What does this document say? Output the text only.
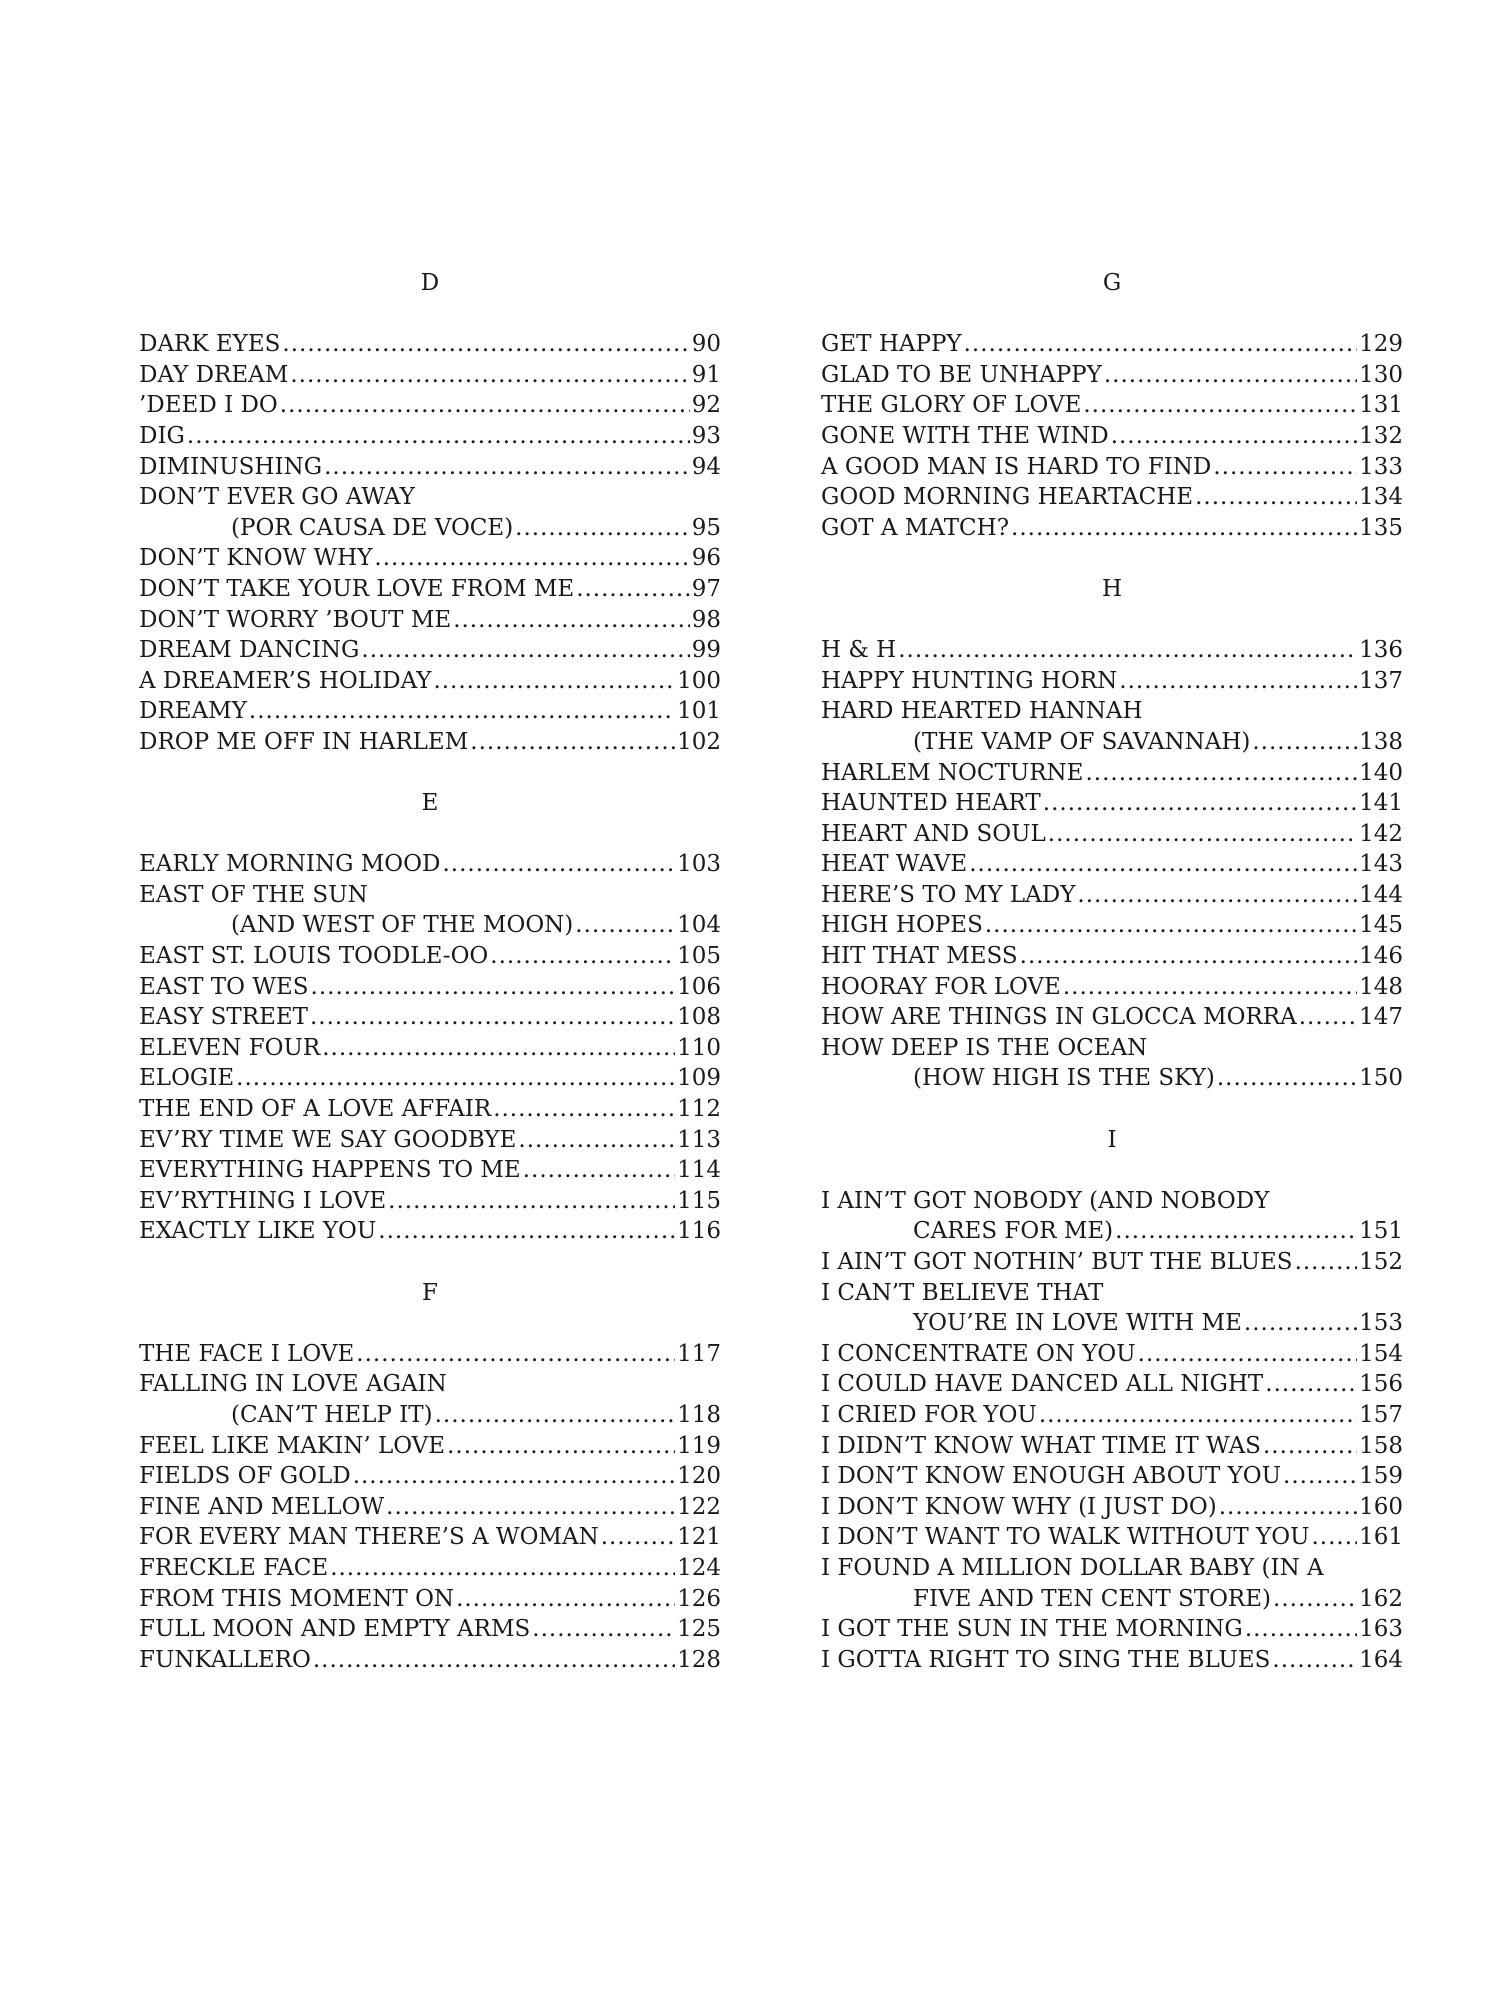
D
DARK EYES .....	90
DAY DREAM .....	91
’DEED I DO .....	92
DIG .....	93
DIMINUSHING .....	94
DON’T EVER GO AWAY
(POR CAUSA DE VOCE) .....	95
DON’T KNOW WHY .....	96
DON’T TAKE YOUR LOVE FROM ME .....	97
DON’T WORRY ’BOUT ME .....	98
DREAM DANCING .....	99
A DREAMER’S HOLIDAY .....	100
DREAMY .....	101
DROP ME OFF IN HARLEM .....	102
E
EARLY MORNING MOOD .....	103
EAST OF THE SUN
(AND WEST OF THE MOON) .....	104
EAST ST. LOUIS TOODLE-OO .....	105
EAST TO WES .....	106
EASY STREET .....	108
ELEVEN FOUR .....	110
ELOGIE .....	109
THE END OF A LOVE AFFAIR .....	112
EV’RY TIME WE SAY GOODBYE .....	113
EVERYTHING HAPPENS TO ME .....	114
EV’RYTHING I LOVE .....	115
EXACTLY LIKE YOU .....	116
F
THE FACE I LOVE .....	117
FALLING IN LOVE AGAIN
(CAN’T HELP IT) .....	118
FEEL LIKE MAKIN’ LOVE .....	119
FIELDS OF GOLD .....	120
FINE AND MELLOW .....	122
FOR EVERY MAN THERE’S A WOMAN .....	121
FRECKLE FACE .....	124
FROM THIS MOMENT ON .....	126
FULL MOON AND EMPTY ARMS .....	125
FUNKALLERO .....	128
G
GET HAPPY .....	129
GLAD TO BE UNHAPPY .....	130
THE GLORY OF LOVE .....	131
GONE WITH THE WIND .....	132
A GOOD MAN IS HARD TO FIND .....	133
GOOD MORNING HEARTACHE .....	134
GOT A MATCH? .....	135
H
H & H .....	136
HAPPY HUNTING HORN .....	137
HARD HEARTED HANNAH
(THE VAMP OF SAVANNAH) .....	138
HARLEM NOCTURNE .....	140
HAUNTED HEART .....	141
HEART AND SOUL .....	142
HEAT WAVE .....	143
HERE’S TO MY LADY .....	144
HIGH HOPES .....	145
HIT THAT MESS .....	146
HOORAY FOR LOVE .....	148
HOW ARE THINGS IN GLOCCA MORRA .....	147
HOW DEEP IS THE OCEAN
(HOW HIGH IS THE SKY) .....	150
I
I AIN’T GOT NOBODY (AND NOBODY
CARES FOR ME) .....	151
I AIN’T GOT NOTHIN’ BUT THE BLUES .....	152
I CAN’T BELIEVE THAT
YOU’RE IN LOVE WITH ME .....	153
I CONCENTRATE ON YOU .....	154
I COULD HAVE DANCED ALL NIGHT .....	156
I CRIED FOR YOU .....	157
I DIDN’T KNOW WHAT TIME IT WAS .....	158
I DON’T KNOW ENOUGH ABOUT YOU .....	159
I DON’T KNOW WHY (I JUST DO) .....	160
I DON’T WANT TO WALK WITHOUT YOU ..... 161
I FOUND A MILLION DOLLAR BABY (IN A
FIVE AND TEN CENT STORE) .....	162
I GOT THE SUN IN THE MORNING .....	163
I GOTTA RIGHT TO SING THE BLUES .....	164
